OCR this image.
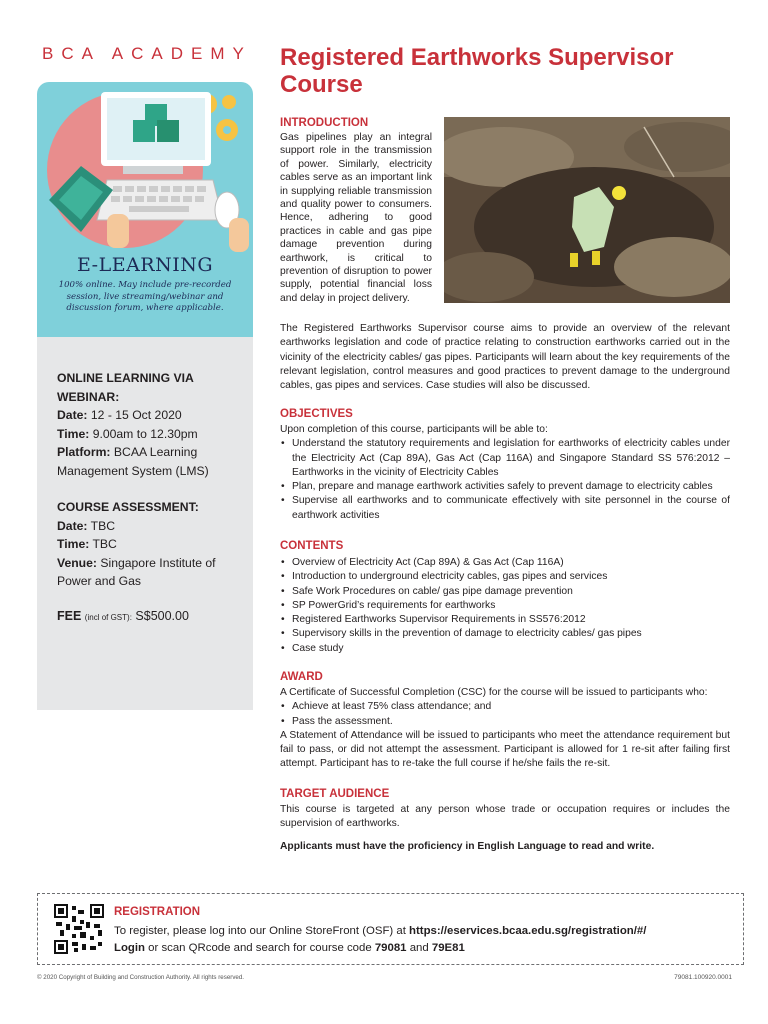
BCA ACADEMY
E-LEARNING
100% online. May include pre-recorded session, live streaming/webinar and discussion forum, where applicable.
ONLINE LEARNING VIA WEBINAR:
Date: 12 - 15 Oct 2020
Time: 9.00am to 12.30pm
Platform: BCAA Learning Management System (LMS)
COURSE ASSESSMENT:
Date: TBC
Time: TBC
Venue: Singapore Institute of Power and Gas
FEE (incl of GST): S$500.00
Registered Earthworks Supervisor Course
INTRODUCTION
Gas pipelines play an integral support role in the transmission of power. Similarly, electricity cables serve as an important link in supplying reliable transmission and quality power to consumers. Hence, adhering to good practices in cable and gas pipe damage prevention during earthwork, is critical to prevention of disruption to power supply, potential financial loss and delay in project delivery.
The Registered Earthworks Supervisor course aims to provide an overview of the relevant earthworks legislation and code of practice relating to construction earthworks carried out in the vicinity of the electricity cables/ gas pipes. Participants will learn about the key requirements of the relevant legislation, control measures and good practices to prevent damage to the underground cables, gas pipes and services. Case studies will also be discussed.
OBJECTIVES
Upon completion of this course, participants will be able to:
• Understand the statutory requirements and legislation for earthworks of electricity cables under the Electricity Act (Cap 89A), Gas Act (Cap 116A) and Singapore Standard SS 576:2012 – Earthworks in the vicinity of Electricity Cables
• Plan, prepare and manage earthwork activities safely to prevent damage to electricity cables
• Supervise all earthworks and to communicate effectively with site personnel in the course of earthwork activities
CONTENTS
• Overview of Electricity Act (Cap 89A) & Gas Act (Cap 116A)
• Introduction to underground electricity cables, gas pipes and services
• Safe Work Procedures on cable/ gas pipe damage prevention
• SP PowerGrid’s requirements for earthworks
• Registered Earthworks Supervisor Requirements in SS576:2012
• Supervisory skills in the prevention of damage to electricity cables/ gas pipes
• Case study
AWARD
A Certificate of Successful Completion (CSC) for the course will be issued to participants who:
• Achieve at least 75% class attendance; and
• Pass the assessment.
A Statement of Attendance will be issued to participants who meet the attendance requirement but fail to pass, or did not attempt the assessment. Participant is allowed for 1 re-sit after failing first attempt. Participant has to re-take the full course if he/she fails the re-sit.
TARGET AUDIENCE
This course is targeted at any person whose trade or occupation requires or includes the supervision of earthworks.
Applicants must have the proficiency in English Language to read and write.
REGISTRATION
To register, please log into our Online StoreFront (OSF) at https://eservices.bcaa.edu.sg/registration/#/
Login or scan QRcode and search for course code 79081 and 79E81
© 2020 Copyright of Building and Construction Authority. All rights reserved.	79081.100920.0001
